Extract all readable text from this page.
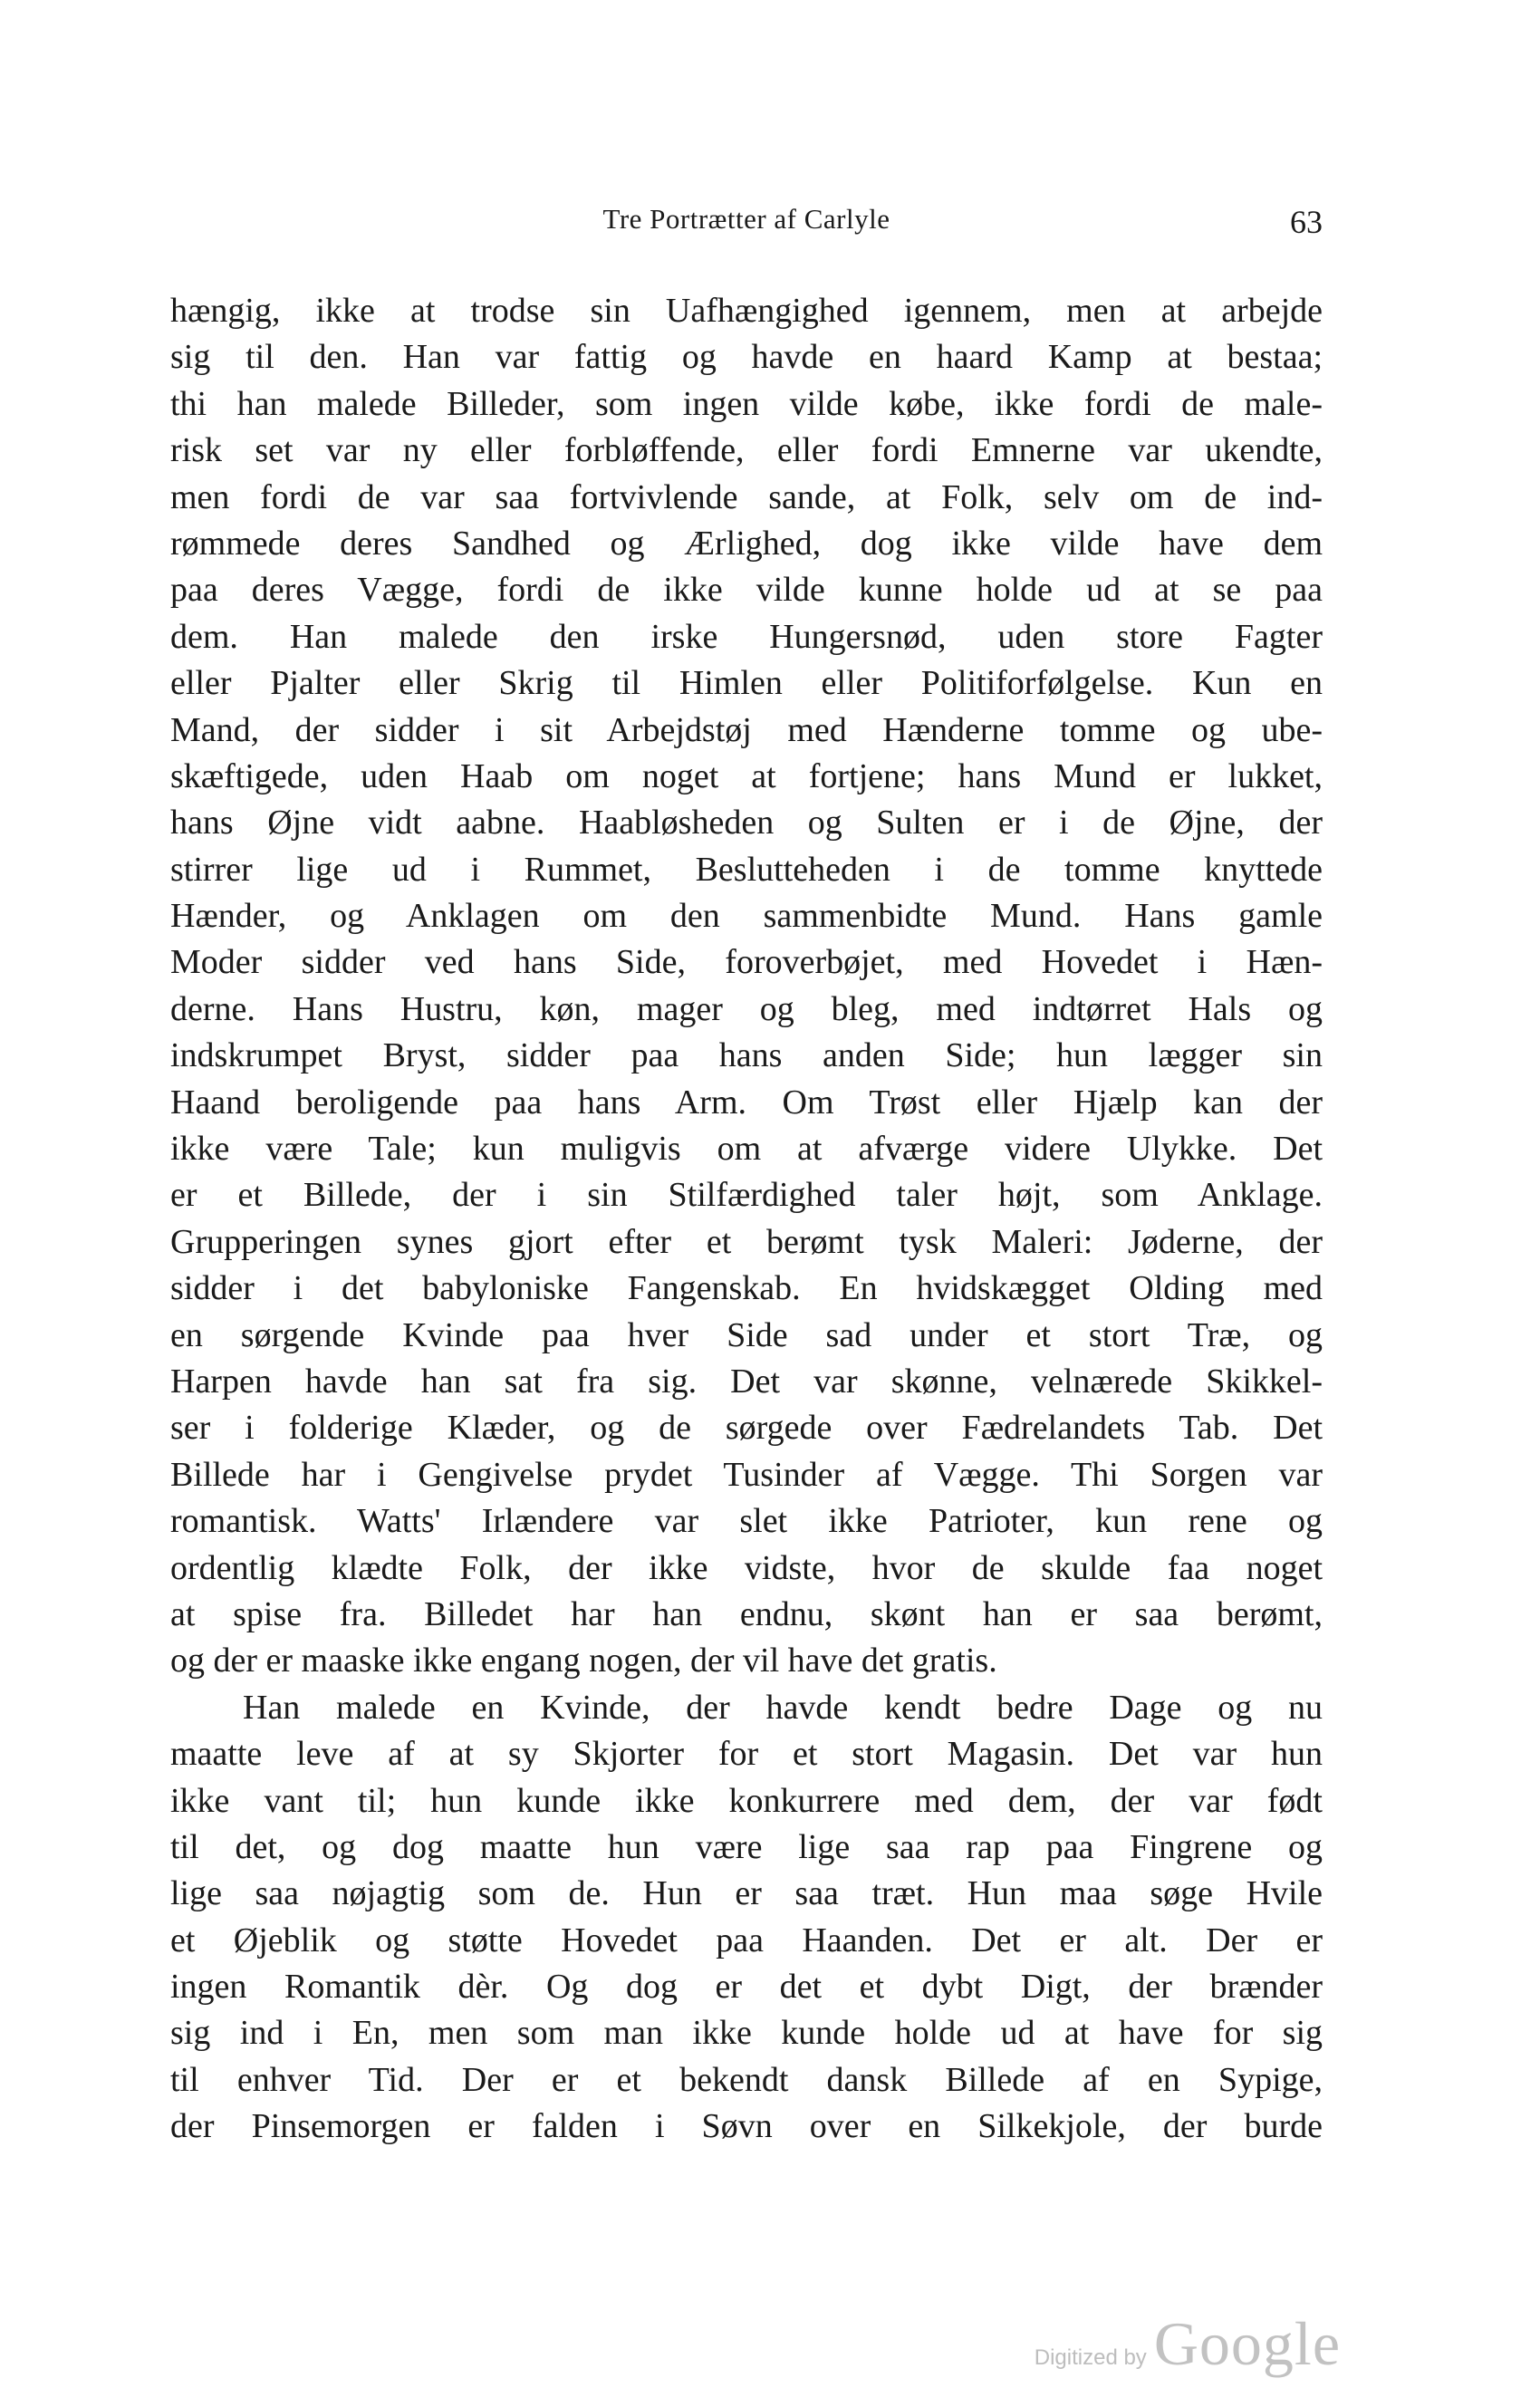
Tre Portrætter af Carlyle	63
hængig, ikke at trodse sin Uafhængighed igennem, men at arbejde
sig til den. Han var fattig og havde en haard Kamp at bestaa;
thi han malede Billeder, som ingen vilde købe, ikke fordi de male-
risk set var ny eller forbløffende, eller fordi Emnerne var ukendte,
men fordi de var saa fortvivlende sande, at Folk, selv om de ind-
rømmede deres Sandhed og Ærlighed, dog ikke vilde have dem
paa deres Vægge, fordi de ikke vilde kunne holde ud at se paa
dem. Han malede den irske Hungersnød, uden store Fagter
eller Pjalter eller Skrig til Himlen eller Politiforfølgelse. Kun en
Mand, der sidder i sit Arbejdstøj med Hænderne tomme og ube-
skæftigede, uden Haab om noget at fortjene; hans Mund er lukket,
hans Øjne vidt aabne. Haabløsheden og Sulten er i de Øjne, der
stirrer lige ud i Rummet, Beslutteheden i de tomme knyttede
Hænder, og Anklagen om den sammenbidte Mund. Hans gamle
Moder sidder ved hans Side, foroverbøjet, med Hovedet i Hæn-
derne. Hans Hustru, køn, mager og bleg, med indtørret Hals og
indskrumpet Bryst, sidder paa hans anden Side; hun lægger sin
Haand beroligende paa hans Arm. Om Trøst eller Hjælp kan der
ikke være Tale; kun muligvis om at afværge videre Ulykke. Det
er et Billede, der i sin Stilfærdighed taler højt, som Anklage.
Grupperingen synes gjort efter et berømt tysk Maleri: Jøderne, der
sidder i det babyloniske Fangenskab. En hvidskægget Olding med
en sørgende Kvinde paa hver Side sad under et stort Træ, og
Harpen havde han sat fra sig. Det var skønne, velnærede Skikkel-
ser i folderige Klæder, og de sørgede over Fædrelandets Tab. Det
Billede har i Gengivelse prydet Tusinder af Vægge. Thi Sorgen var
romantisk. Watts' Irlændere var slet ikke Patrioter, kun rene og
ordentlig klædte Folk, der ikke vidste, hvor de skulde faa noget
at spise fra. Billedet har han endnu, skønt han er saa berømt,
og der er maaske ikke engang nogen, der vil have det gratis.
Han malede en Kvinde, der havde kendt bedre Dage og nu
maatte leve af at sy Skjorter for et stort Magasin. Det var hun
ikke vant til; hun kunde ikke konkurrere med dem, der var født
til det, og dog maatte hun være lige saa rap paa Fingrene og
lige saa nøjagtig som de. Hun er saa træt. Hun maa søge Hvile
et Øjeblik og støtte Hovedet paa Haanden. Det er alt. Der er
ingen Romantik dèr. Og dog er det et dybt Digt, der brænder
sig ind i En, men som man ikke kunde holde ud at have for sig
til enhver Tid. Der er et bekendt dansk Billede af en Sypige,
der Pinsemorgen er falden i Søvn over en Silkekjole, der burde
Digitized by Google
